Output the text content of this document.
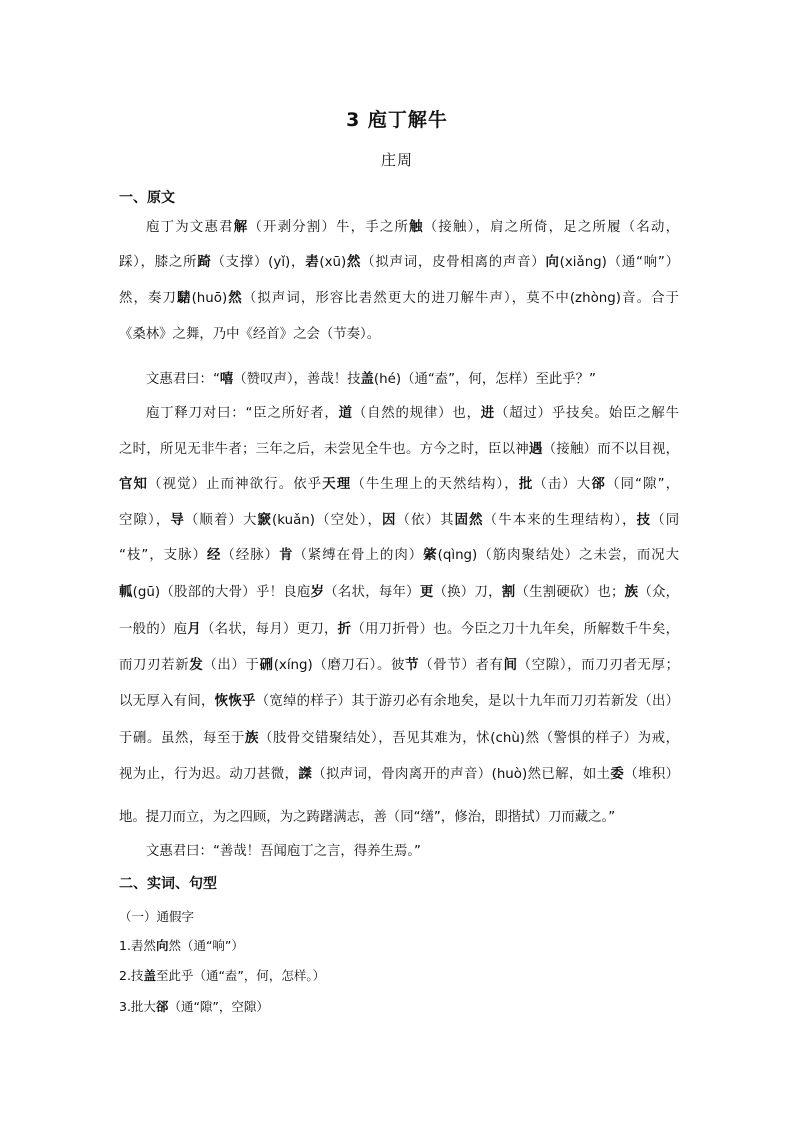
3 庖丁解牛
庄周
一、原文
庖丁为文惠君解（开剥分割）牛，手之所触（接触），肩之所倚，足之所履（名动，
踩），膝之所踦（支撑）(yǐ)，砉(xū)然（拟声词，皮骨相离的声音）向(xiǎng)（通“响”）
然，奏刀騞(huō)然（拟声词，形容比砉然更大的进刀解牛声），莫不中(zhòng)音。合于
《桑林》之舞，乃中《经首》之会（节奏）。
文惠君曰：“嘻（赞叹声），善哉！技盖(hé)（通“盍”，何，怎样）至此乎？”
庖丁释刀对曰：“臣之所好者，道（自然的规律）也，进（超过）乎技矣。始臣之解牛
之时，所见无非牛者；三年之后，未尝见全牛也。方今之时，臣以神遇（接触）而不以目视，
官知（视觉）止而神欲行。依乎天理（牛生理上的天然结构），批（击）大郤（同“隙”，
空隙），导（顺着）大窾(kuǎn)（空处），因（依）其固然（牛本来的生理结构），技（同
“枝”，支脉）经（经脉）肯（紧缚在骨上的肉）綮(qìng)（筋肉聚结处）之未尝，而况大
軱(gū)（股部的大骨）乎！良庖岁（名状，每年）更（换）刀，割（生割硬砍）也；族（众，
一般的）庖月（名状，每月）更刀，折（用刀折骨）也。今臣之刀十九年矣，所解数千牛矣，
而刀刃若新发（出）于硎(xíng)（磨刀石）。彼节（骨节）者有间（空隙），而刀刃者无厚；
以无厚入有间，恢恢乎（宽绰的样子）其于游刃必有余地矣，是以十九年而刀刃若新发（出）
于硎。虽然，每至于族（肢骨交错聚结处），吾见其难为，怵(chù)然（警惧的样子）为戒，
视为止，行为迟。动刀甚微，謋（拟声词，骨肉离开的声音）(huò)然已解，如土委（堆积）
地。提刀而立，为之四顾，为之踌躇满志，善（同“缮”，修治，即揩拭）刀而藏之。”
文惠君曰：“善哉！吾闻庖丁之言，得养生焉。”
二、实词、句型
（一）通假字
1.砉然向然（通“响”）
2.技盖至此乎（通“盍”，何，怎样。）
3.批大郤（通“隙”，空隙）
